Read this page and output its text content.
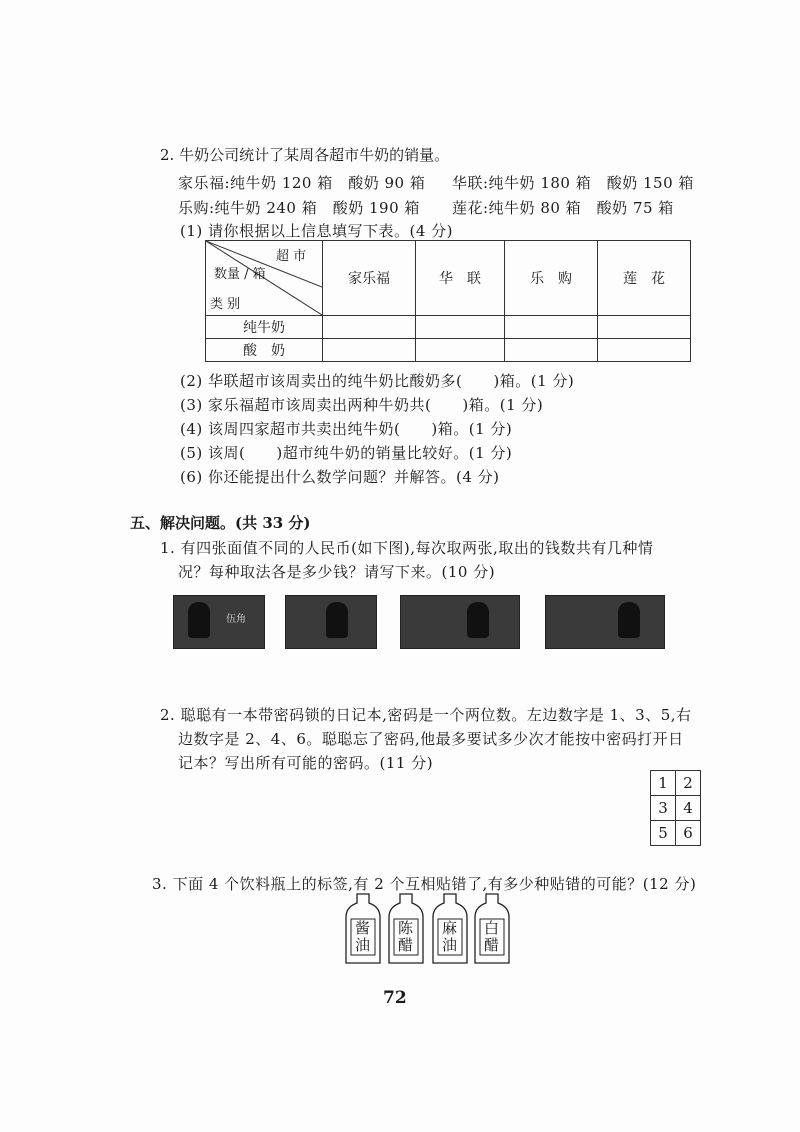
2. 牛奶公司统计了某周各超市牛奶的销量。
家乐福:纯牛奶 120 箱　酸奶 90 箱 华联:纯牛奶 180 箱　酸奶 150 箱
乐购:纯牛奶 240 箱　酸奶 190 箱 莲花:纯牛奶 80 箱　酸奶 75 箱
(1) 请你根据以上信息填写下表。(4 分)
超 市
数量 / 箱
类 别	家乐福	华　联	乐　购	莲　花
纯牛奶				
酸　奶				
(2) 华联超市该周卖出的纯牛奶比酸奶多(　　)箱。(1 分)
(3) 家乐福超市该周卖出两种牛奶共(　　)箱。(1 分)
(4) 该周四家超市共卖出纯牛奶(　　)箱。(1 分)
(5) 该周(　　)超市纯牛奶的销量比较好。(1 分)
(6) 你还能提出什么数学问题？并解答。(4 分)
五、解决问题。(共 33 分)
1. 有四张面值不同的人民币(如下图),每次取两张,取出的钱数共有几种情
况？每种取法各是多少钱？请写下来。(10 分)
伍角
2. 聪聪有一本带密码锁的日记本,密码是一个两位数。左边数字是 1、3、5,右
边数字是 2、4、6。聪聪忘了密码,他最多要试多少次才能按中密码打开日
记本？写出所有可能的密码。(11 分)
1	2
3	4
5	6
3. 下面 4 个饮料瓶上的标签,有 2 个互相贴错了,有多少种贴错的可能？(12 分)
酱
油
陈
醋
麻
油
白
醋
72
